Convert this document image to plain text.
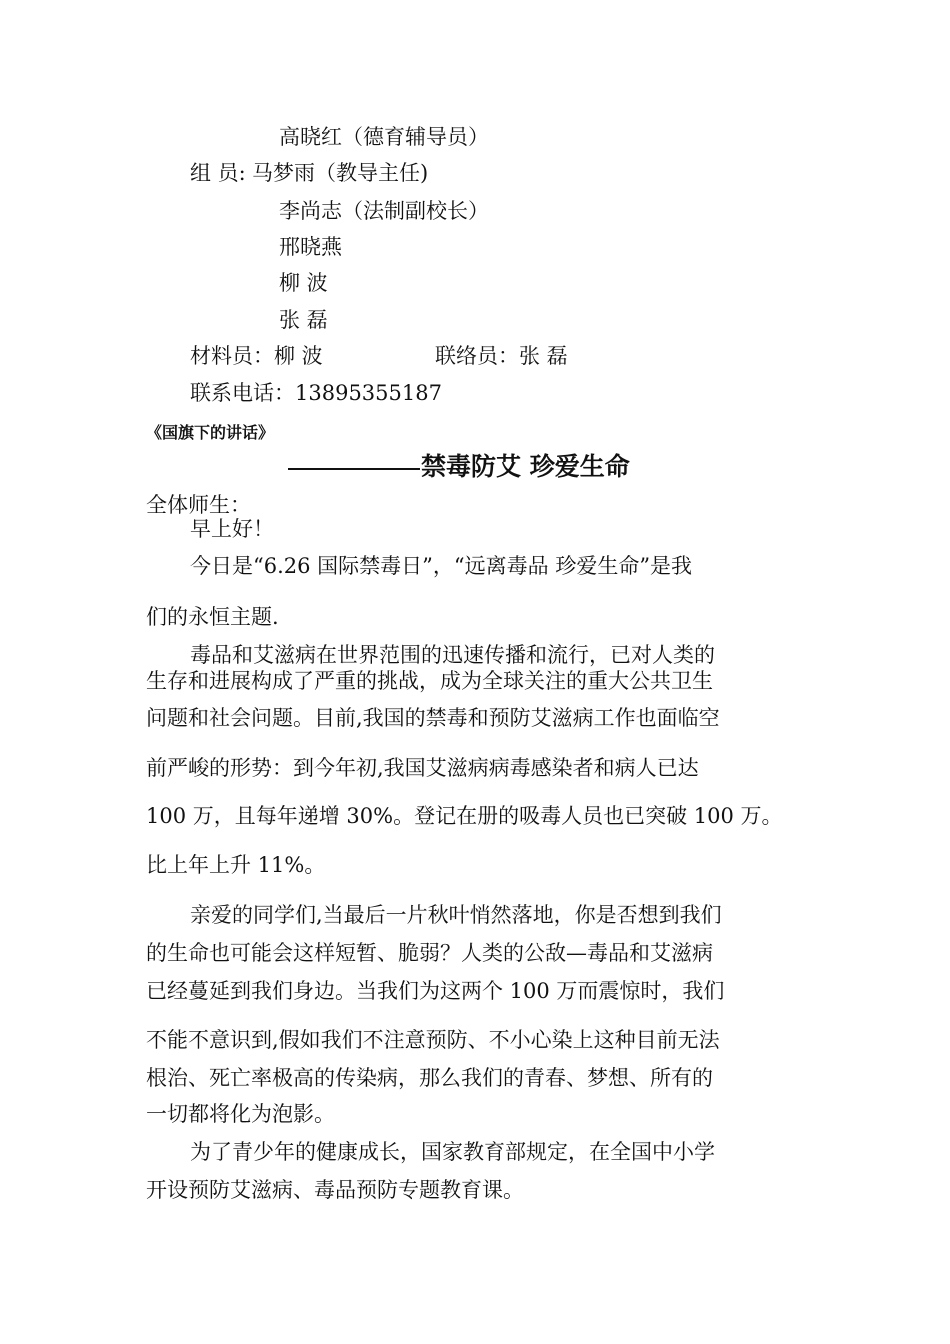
高晓红（德育辅导员）
组 员: 马梦雨（教导主任)
李尚志（法制副校长）
邢晓燕
柳 波
张 磊
材料员：柳 波	联络员：张 磊
联系电话：13895355187
《国旗下的讲话》
禁毒防艾 珍爱生命
全体师生：
早上好！
今日是“6.26 国际禁毒日”，“远离毒品 珍爱生命”是我
们的永恒主题.
毒品和艾滋病在世界范围的迅速传播和流行，已对人类的
生存和进展构成了严重的挑战，成为全球关注的重大公共卫生
问题和社会问题。目前,我国的禁毒和预防艾滋病工作也面临空
前严峻的形势：到今年初,我国艾滋病病毒感染者和病人已达
100 万，且每年递增 30%。登记在册的吸毒人员也已突破 100 万。
比上年上升 11%。
亲爱的同学们,当最后一片秋叶悄然落地，你是否想到我们
的生命也可能会这样短暂、脆弱？人类的公敌—毒品和艾滋病
已经蔓延到我们身边。当我们为这两个 100 万而震惊时，我们
不能不意识到,假如我们不注意预防、不小心染上这种目前无法
根治、死亡率极高的传染病，那么我们的青春、梦想、所有的
一切都将化为泡影。
为了青少年的健康成长，国家教育部规定，在全国中小学
开设预防艾滋病、毒品预防专题教育课。
